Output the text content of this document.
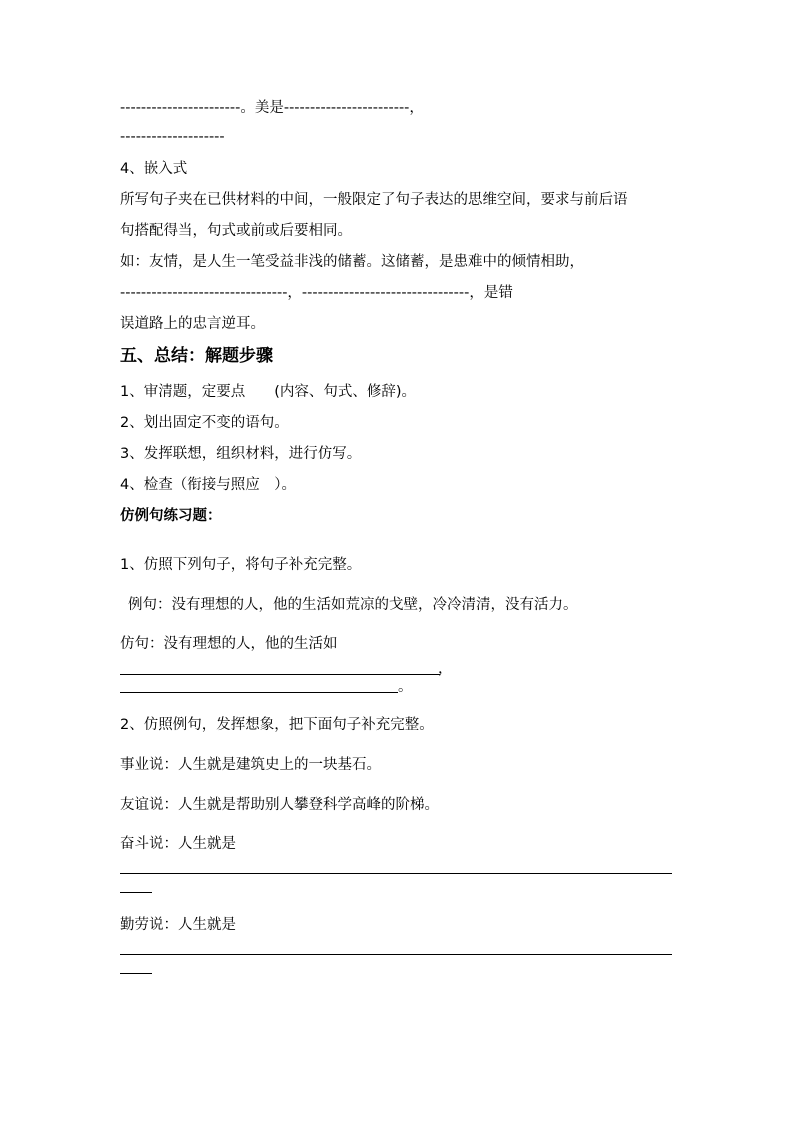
-----------------------。美是------------------------，

--------------------

4、嵌入式

所写句子夹在已供材料的中间，一般限定了句子表达的思维空间，要求与前后语

句搭配得当，句式或前或后要相同。

如：友情，是人生一笔受益非浅的储蓄。这储蓄，是患难中的倾情相助，

--------------------------------，--------------------------------，是错

误道路上的忠言逆耳。

五、总结：解题步骤

1、审清题，定要点　　(内容、句式、修辞)。

2、划出固定不变的语句。

3、发挥联想，组织材料，进行仿写。

4、检查（衔接与照应　）。

仿例句练习题：

1、仿照下列句子，将句子补充完整。

例句：没有理想的人，他的生活如荒凉的戈壁，冷冷清清，没有活力。

仿句：没有理想的人，他的生活如

，

。

2、仿照例句，发挥想象，把下面句子补充完整。

事业说：人生就是建筑史上的一块基石。

友谊说：人生就是帮助别人攀登科学高峰的阶梯。

奋斗说：人生就是

勤劳说：人生就是
